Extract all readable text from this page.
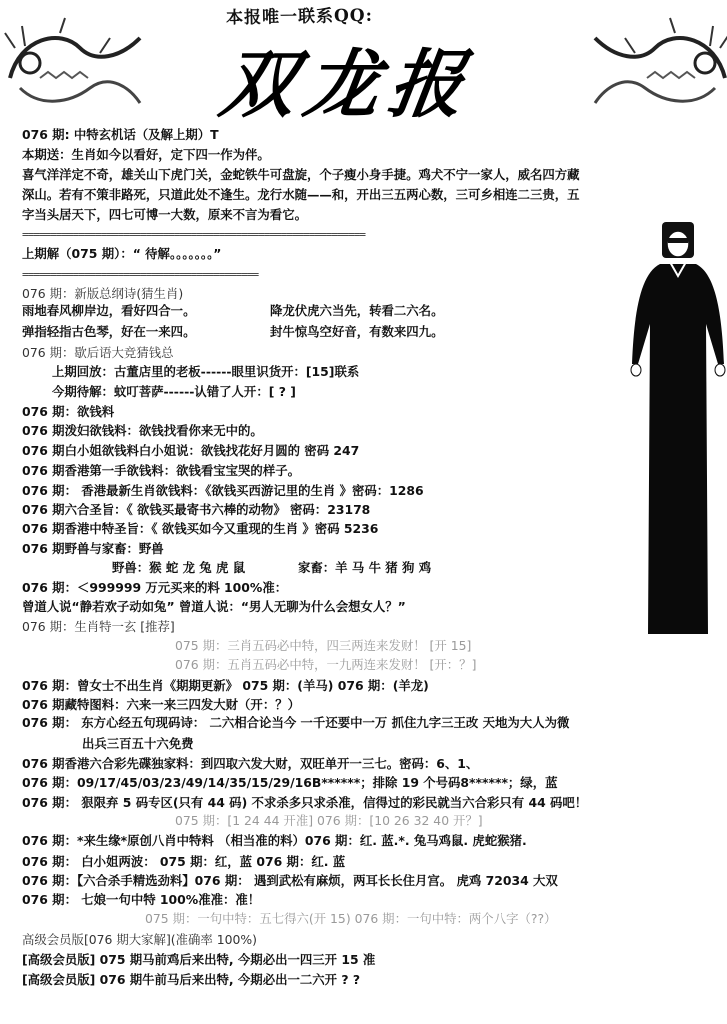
本报唯一联系QQ:
双龙报
076 期: 中特玄机话（及解上期）T
本期送：生肖如今以看好，定下四一作为伴。
喜气洋洋定不奇，雄关山下虎门关，金蛇铁牛可盘旋，个子瘦小身手捷。鸡犬不宁一家人，威名四方藏
深山。若有不策非路死，只道此处不逢生。龙行水随——和，开出三五两心数，三可乡相连二三贵，五
字当头居天下，四七可博一大数，原来不言为看它。
=============================================================
上期解（075 期）：“ 待解。。。。。。。”
==========================================
076 期：新版总纲诗(猜生肖)
雨地春风柳岸边，看好四合一。	降龙伏虎六当先，转看二六名。
弹指轻指古色琴，好在一来四。	封牛惊鸟空好音，有数来四九。
076 期：歇后语大竞猜钱总
上期回放：古董店里的老板------眼里识货开：[15]联系
今期待解：蚊叮菩萨------认错了人开：[ ? ]
076 期：欲钱料
076 期泼妇欲钱料：欲钱找看你来无中的。
076 期白小姐欲钱料白小姐说：欲钱找花好月圆的 密码 247
076 期香港第一手欲钱料：欲钱看宝宝哭的样子。
076 期： 香港最新生肖欲钱料：《欲钱买西游记里的生肖 》密码：1286
076 期六合圣旨：《 欲钱买最寄书六棒的动物》 密码：23178
076 期香港中特圣旨：《 欲钱买如今又重现的生肖 》密码 5236
076 期野兽与家畜：野兽
野兽：猴 蛇 龙 兔 虎 鼠	家畜：羊 马 牛 猪 狗 鸡
076 期：＜999999 万元买来的料 100%准：
曾道人说“静若欢子动如兔” 曾道人说：“男人无聊为什么会想女人？”
076 期：生肖特一玄 [推荐]
075 期：三肖五码必中特，四三两连来发财！ [开 15]
076 期：五肖五码必中特，一九两连来发财！ [开：？]
076 期：曾女士不出生肖《期期更新》 075 期：(羊马) 076 期：(羊龙)
076 期藏特图料：六来一来三四发大财（开：？）
076 期： 东方心经五句现码诗： 二六相合论当今 一千还要中一万 抓住九字三王改 天地为大人为微
出兵三百五十六免费
076 期香港六合彩先碟独家料：到四取六发大财，双旺单开一三七。密码：6、1、
076 期：09/17/45/03/23/49/14/35/15/29/16B******；排除 19 个号码8******；绿，蓝
076 期： 狠限弃 5 码专区(只有 44 码) 不求杀多只求杀准，信得过的彩民就当六合彩只有 44 码吧！
075 期：[1 24 44 开准] 076 期：[10 26 32 40 开？]
076 期：*来生缘*原创八肖中特料 （相当准的料）076 期：红. 蓝.*. 兔马鸡鼠. 虎蛇猴猪.
076 期： 白小姐两波： 075 期：红，蓝 076 期：红. 蓝
076 期：【六合杀手精选劲料】076 期： 遇到武松有麻烦，两耳长长住月宫。 虎鸡 72034 大双
076 期： 七娘一句中特 100%准准：准！
075 期：一句中特：五七得六(开 15) 076 期：一句中特：两个八字（??）
高级会员版[076 期大家解](准确率 100%)
[高级会员版] 075 期马前鸡后来出特, 今期必出一四三开 15 准
[高级会员版] 076 期牛前马后来出特, 今期必出一二六开 ? ?
